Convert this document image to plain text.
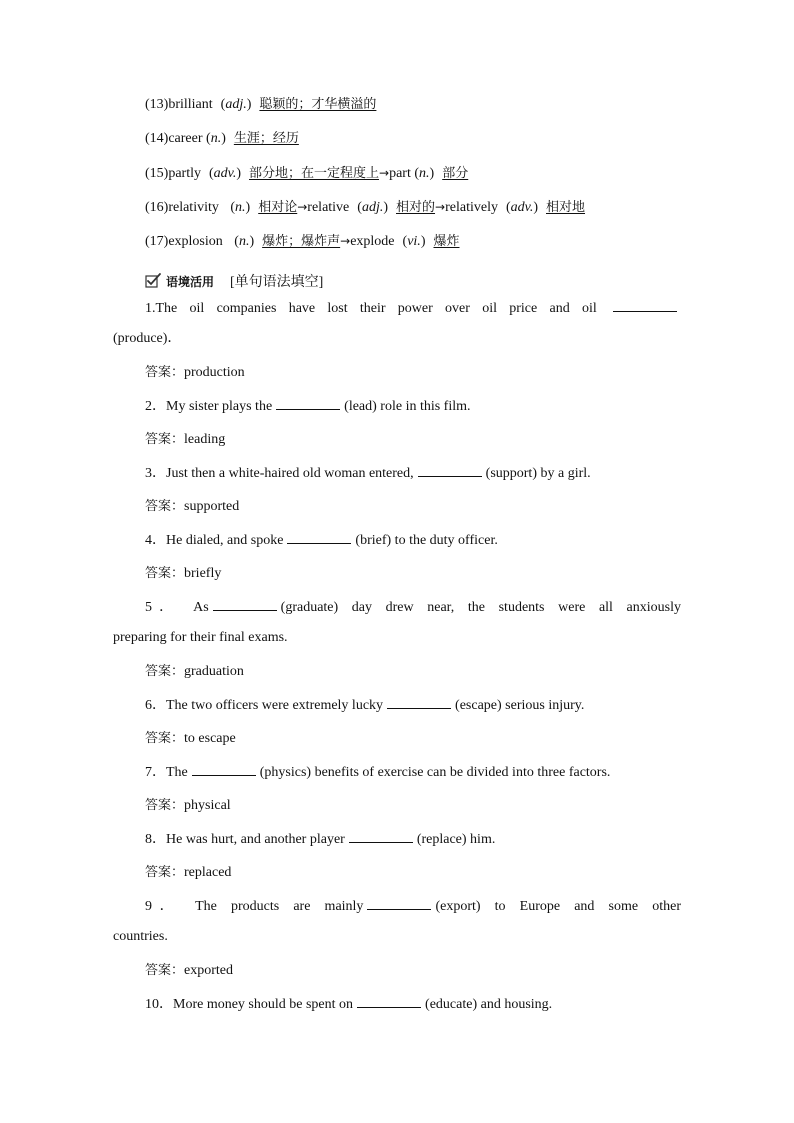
(13)brilliant (adj.) 聪颖的；才华横溢的
(14)career (n.) 生涯；经历
(15)partly (adv.) 部分地；在一定程度上→part (n.) 部分
(16)relativity (n.) 相对论→relative (adj.) 相对的→relatively (adv.) 相对地
(17)explosion (n.) 爆炸；爆炸声→explode (vi.) 爆炸
语境活用 [单句语法填空]
1.The oil companies have lost their power over oil price and oil
(produce)．
答案：production
2．My sister plays the	(lead) role in this film.
答案：leading
3．Just then a white-haired old woman entered,	(support) by a girl.
答案：supported
4．He dialed, and spoke	(brief) to the duty officer.
答案：briefly
5． As	(graduate) day drew near, the students were all anxiously
preparing for their final exams.
答案：graduation
6．The two officers were extremely lucky	(escape) serious injury.
答案：to escape
7．The	(physics) benefits of exercise can be divided into three factors.
答案：physical
8．He was hurt, and another player	(replace) him.
答案：replaced
9． The products are mainly	(export) to Europe and some other
countries.
答案：exported
10．More money should be spent on	(educate) and housing.
